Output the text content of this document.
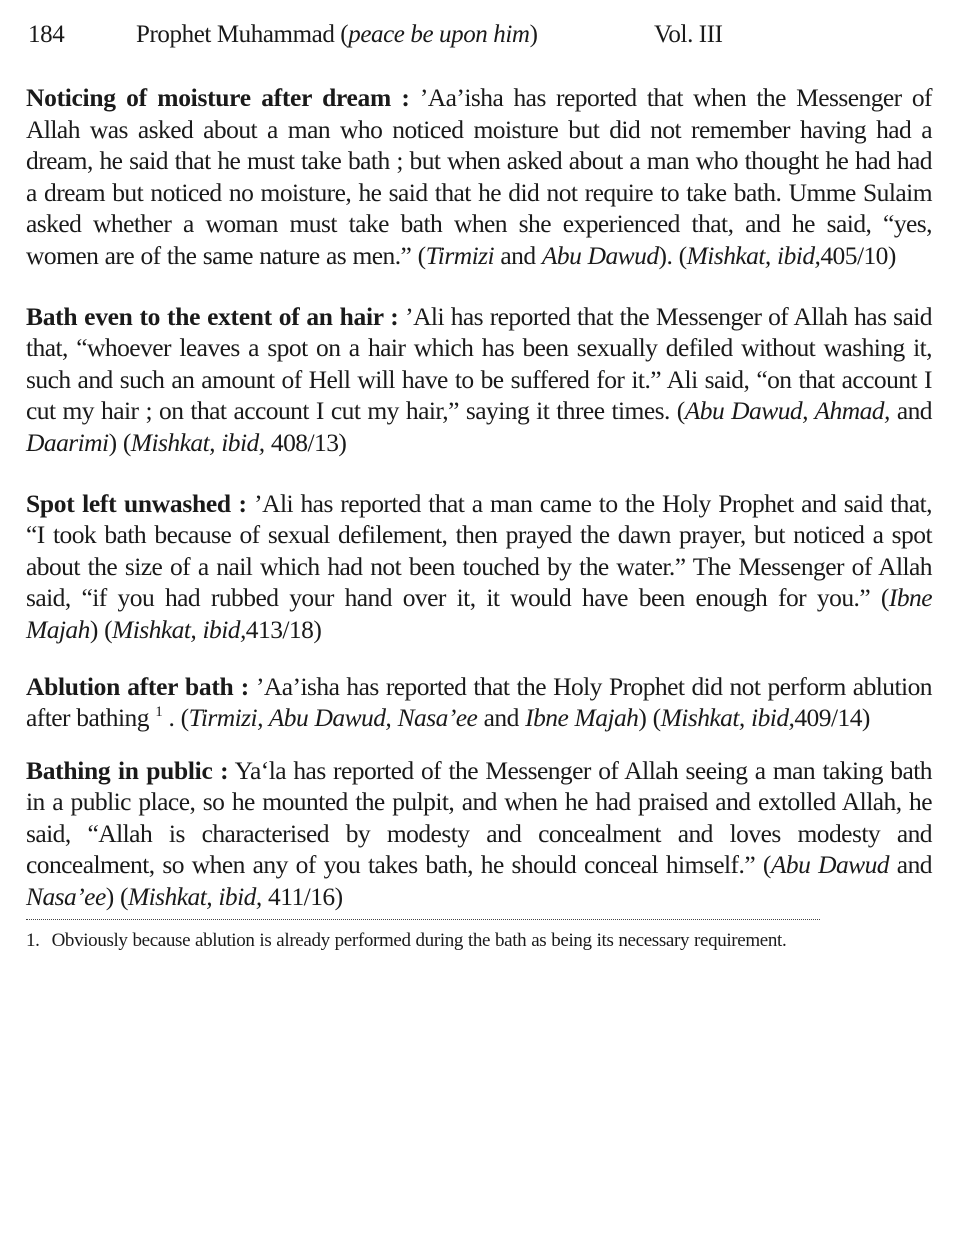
184	Prophet Muhammad (peace be upon him)	Vol. III

Noticing of moisture after dream : ’Aa’isha has reported that when the Messenger of Allah was asked about a man who noticed moisture but did not remember having had a dream, he said that he must take bath ; but when asked about a man who thought he had had a dream but noticed no moisture, he said that he did not require to take bath. Umme Sulaim asked whether a woman must take bath when she experienced that, and he said, “yes, women are of the same nature as men.” (Tirmizi and Abu Dawud). (Mishkat, ibid,405/10)

Bath even to the extent of an hair : ’Ali has reported that the Messenger of Allah has said that, “whoever leaves a spot on a hair which has been sexually defiled without washing it, such and such an amount of Hell will have to be suffered for it.” Ali said, “on that account I cut my hair ; on that account I cut my hair,” saying it three times. (Abu Dawud, Ahmad, and Daarimi) (Mishkat, ibid, 408/13)

Spot left unwashed : ’Ali has reported that a man came to the Holy Prophet and said that, “I took bath because of sexual defilement, then prayed the dawn prayer, but noticed a spot about the size of a nail which had not been touched by the water.” The Messenger of Allah said, “if you had rubbed your hand over it, it would have been enough for you.” (Ibne Majah) (Mishkat, ibid,413/18)

Ablution after bath : ’Aa’isha has reported that the Holy Prophet did not perform ablution after bathing $^1$ . (Tirmizi, Abu Dawud, Nasa’ee and Ibne Majah) (Mishkat, ibid,409/14)

Bathing in public : Ya‘la has reported of the Messenger of Allah seeing a man taking bath in a public place, so he mounted the pulpit, and when he had praised and extolled Allah, he said, “Allah is characterised by modesty and concealment and loves modesty and concealment, so when any of you takes bath, he should conceal himself.” (Abu Dawud and Nasa’ee) (Mishkat, ibid, 411/16)

1. Obviously because ablution is already performed during the bath as being its necessary requirement.
